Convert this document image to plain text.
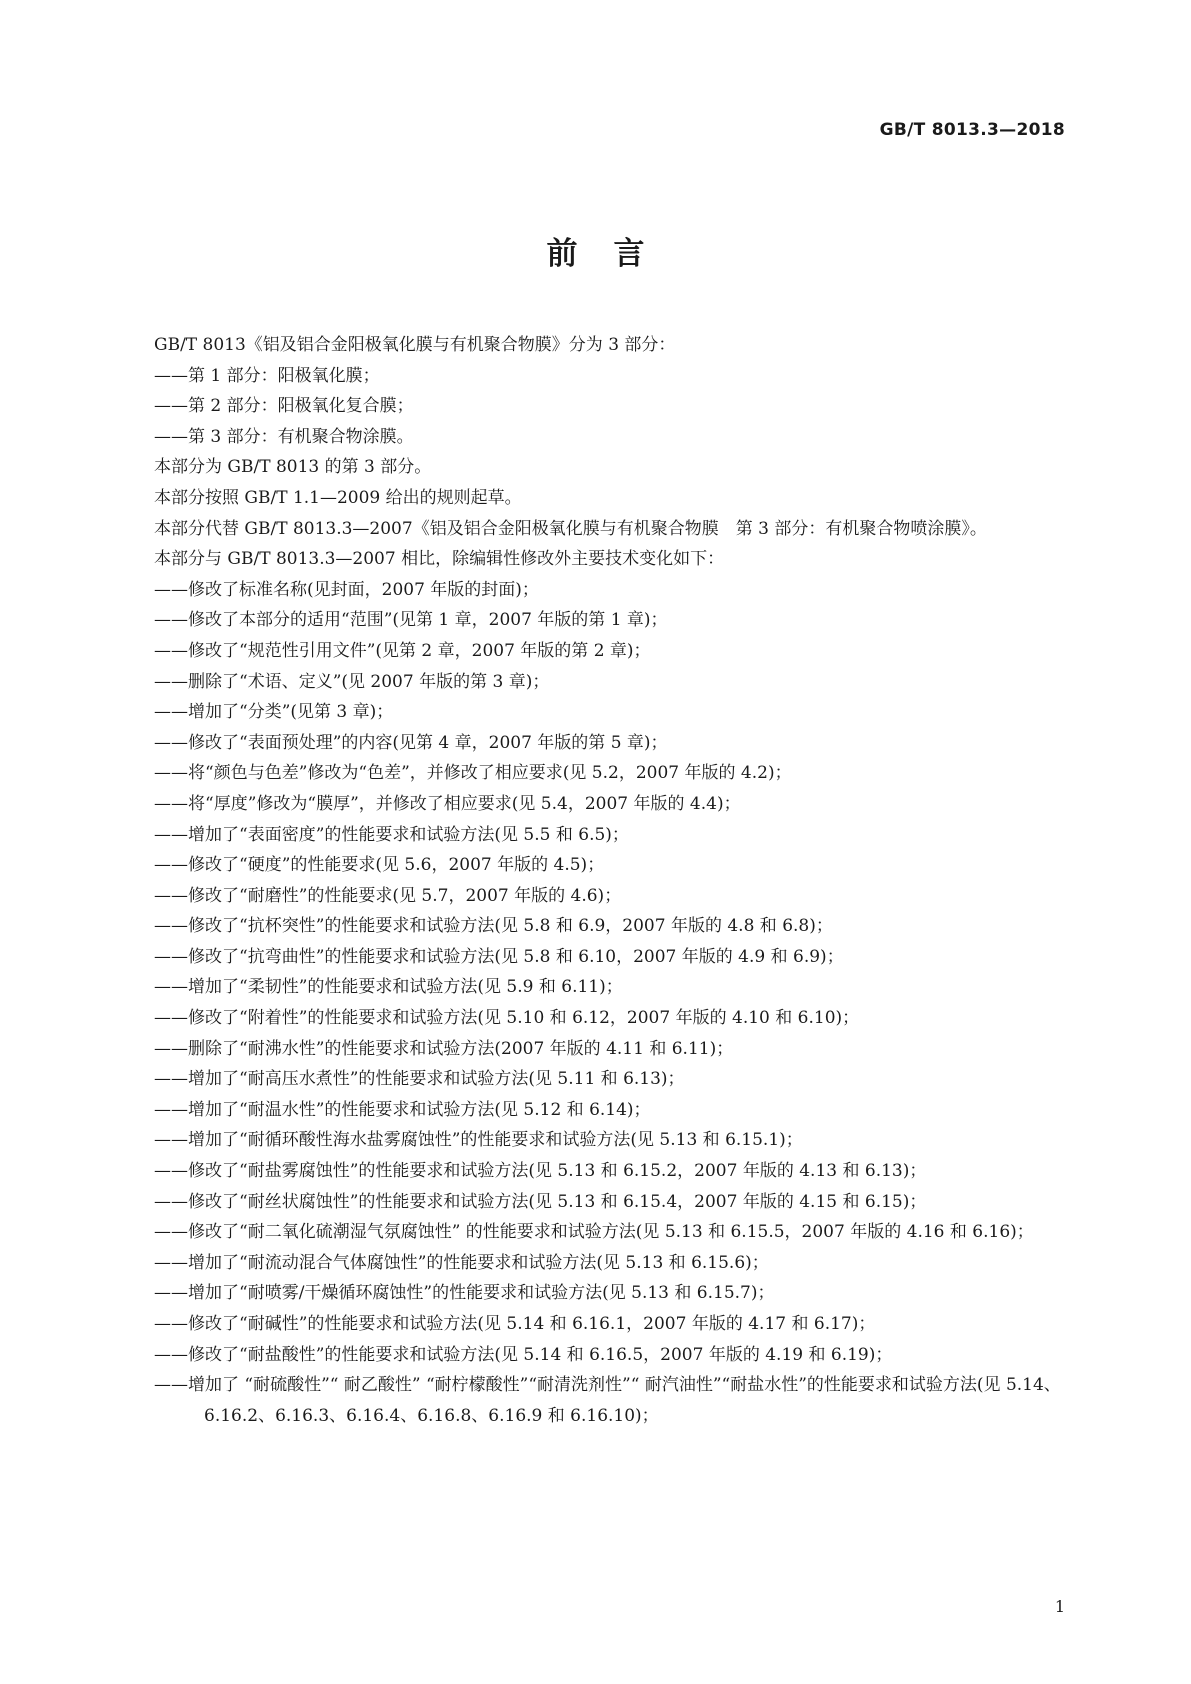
GB/T 8013.3—2018
前言

GB/T 8013《铝及铝合金阳极氧化膜与有机聚合物膜》分为 3 部分：

——第 1 部分：阳极氧化膜；

——第 2 部分：阳极氧化复合膜；

——第 3 部分：有机聚合物涂膜。

本部分为 GB/T 8013 的第 3 部分。

本部分按照 GB/T 1.1—2009 给出的规则起草。

本部分代替 GB/T 8013.3—2007《铝及铝合金阳极氧化膜与有机聚合物膜　第 3 部分：有机聚合物喷涂膜》。

本部分与 GB/T 8013.3—2007 相比，除编辑性修改外主要技术变化如下：

——修改了标准名称(见封面，2007 年版的封面)；

——修改了本部分的适用“范围”(见第 1 章，2007 年版的第 1 章)；

——修改了“规范性引用文件”(见第 2 章，2007 年版的第 2 章)；

——删除了“术语、定义”(见 2007 年版的第 3 章)；

——增加了“分类”(见第 3 章)；

——修改了“表面预处理”的内容(见第 4 章，2007 年版的第 5 章)；

——将“颜色与色差”修改为“色差”，并修改了相应要求(见 5.2，2007 年版的 4.2)；

——将“厚度”修改为“膜厚”，并修改了相应要求(见 5.4，2007 年版的 4.4)；

——增加了“表面密度”的性能要求和试验方法(见 5.5 和 6.5)；

——修改了“硬度”的性能要求(见 5.6，2007 年版的 4.5)；

——修改了“耐磨性”的性能要求(见 5.7，2007 年版的 4.6)；

——修改了“抗杯突性”的性能要求和试验方法(见 5.8 和 6.9，2007 年版的 4.8 和 6.8)；

——修改了“抗弯曲性”的性能要求和试验方法(见 5.8 和 6.10，2007 年版的 4.9 和 6.9)；

——增加了“柔韧性”的性能要求和试验方法(见 5.9 和 6.11)；

——修改了“附着性”的性能要求和试验方法(见 5.10 和 6.12，2007 年版的 4.10 和 6.10)；

——删除了“耐沸水性”的性能要求和试验方法(2007 年版的 4.11 和 6.11)；

——增加了“耐高压水煮性”的性能要求和试验方法(见 5.11 和 6.13)；

——增加了“耐温水性”的性能要求和试验方法(见 5.12 和 6.14)；

——增加了“耐循环酸性海水盐雾腐蚀性”的性能要求和试验方法(见 5.13 和 6.15.1)；

——修改了“耐盐雾腐蚀性”的性能要求和试验方法(见 5.13 和 6.15.2，2007 年版的 4.13 和 6.13)；

——修改了“耐丝状腐蚀性”的性能要求和试验方法(见 5.13 和 6.15.4，2007 年版的 4.15 和 6.15)；

——修改了“耐二氧化硫潮湿气氛腐蚀性” 的性能要求和试验方法(见 5.13 和 6.15.5，2007 年版的 4.16 和 6.16)；

——增加了“耐流动混合气体腐蚀性”的性能要求和试验方法(见 5.13 和 6.15.6)；

——增加了“耐喷雾/干燥循环腐蚀性”的性能要求和试验方法(见 5.13 和 6.15.7)；

——修改了“耐碱性”的性能要求和试验方法(见 5.14 和 6.16.1，2007 年版的 4.17 和 6.17)；

——修改了“耐盐酸性”的性能要求和试验方法(见 5.14 和 6.16.5，2007 年版的 4.19 和 6.19)；

——增加了 “耐硫酸性”“ 耐乙酸性” “耐柠檬酸性”“耐清洗剂性”“ 耐汽油性”“耐盐水性”的性能要求和试验方法(见 5.14、6.16.2、6.16.3、6.16.4、6.16.8、6.16.9 和 6.16.10)；

1
